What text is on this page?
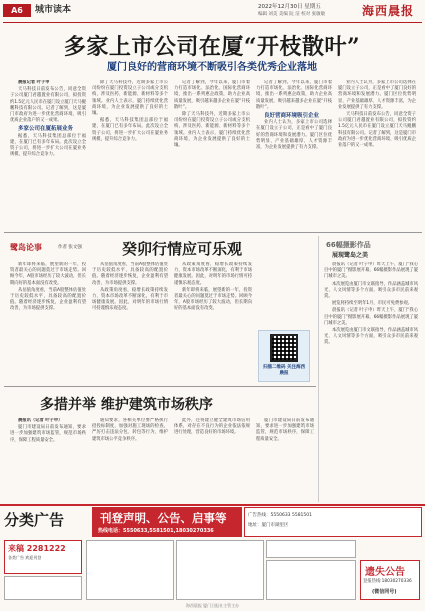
A6	城市读本	2022年12月30日 星期五
编辑 刘美 美编 阮 洁 校对 张敏敏	海西晨报
多家上市公司在厦“开枝散叶”
厦门良好的营商环境不断吸引各类优秀企业落地

晨报记者 叶子申

天马科技日前发布公告，同意全资子公司厦门君越置业有限公司，拟投资约1.5亿元人民币在厦门设立厦门天马鲲鹏科技有限公司。记者了解到，这是厦门市政府为进一步优化营商环境、吸引优质企业落户的又一成果。

多家公司在厦拓展业务

据悉，天马科技集团总部位于福建，在厦门已有多年布局。此次设立全资子公司，将进一步扩大公司在厦业务规模，提升综合竞争力。

除了天马科技外，近期多家上市公司纷纷在厦门投资设立子公司或分支机构，涉及医药、新能源、新材料等多个领域。业内人士表示，厦门持续优化营商环境，为企业发展提供了良好的土壤。

据悉，天马科技集团总部位于福建，在厦门已有多年布局。此次设立全资子公司，将进一步扩大公司在厦业务规模，提升综合竞争力。

记者了解到，今年以来，厦门市着力打造市场化、法治化、国际化营商环境，推出一系列惠企政策，助力企业高质量发展，吸引越来越多企业在厦“开枝散叶”。

除了天马科技外，近期多家上市公司纷纷在厦门投资设立子公司或分支机构，涉及医药、新能源、新材料等多个领域。业内人士表示，厦门持续优化营商环境，为企业发展提供了良好的土壤。

记者了解到，今年以来，厦门市着力打造市场化、法治化、国际化营商环境，推出一系列惠企政策，助力企业高质量发展，吸引越来越多企业在厦“开枝散叶”。

良好营商环境吸引企业

业内人士认为，多家上市公司选择在厦门设立子公司，正是看中了厦门良好的营商环境和发展潜力。厦门区位优势明显、产业基础雄厚、人才资源丰富，为企业发展提供了有力支撑。

业内人士认为，多家上市公司选择在厦门设立子公司，正是看中了厦门良好的营商环境和发展潜力。厦门区位优势明显、产业基础雄厚、人才资源丰富，为企业发展提供了有力支撑。

天马科技日前发布公告，同意全资子公司厦门君越置业有限公司，拟投资约1.5亿元人民币在厦门设立厦门天马鲲鹏科技有限公司。记者了解到，这是厦门市政府为进一步优化营商环境、吸引优质企业落户的又一成果。

鹭岛论事	作者 张文强	癸卯行情应可乐观

新年即将来临，展望新的一年，投资者最关心的问题莫过于市场走势。回顾今年，A股市场经历了较大波动，但长期向好的基本面没有改变。

从估值角度看，当前A股整体估值处于历史较低水平，具备较高的配置价值。随着经济逐步恢复，企业盈利有望改善，为市场提供支撑。

从估值角度看，当前A股整体估值处于历史较低水平，具备较高的配置价值。随着经济逐步恢复，企业盈利有望改善，为市场提供支撑。

从政策角度看，稳增长政策持续发力，资本市场改革不断深化，有利于市场健康发展。因此，对明年的市场行情可持谨慎乐观态度。

从政策角度看，稳增长政策持续发力，资本市场改革不断深化，有利于市场健康发展。因此，对明年的市场行情可持谨慎乐观态度。

新年即将来临，展望新的一年，投资者最关心的问题莫过于市场走势。回顾今年，A股市场经历了较大波动，但长期向好的基本面没有改变。

扫描二维码 关注海西晨报
66幅摄影作品
展现鹭岛之美

晨报讯（记者 叶子申）昨天上午，厦门“我心目中的厦门”摄影展开幕，66幅摄影作品展现了厦门城市之美。

本次展览由厦门市文联指导，作品涵盖城市风光、人文风情等多个方面，吸引众多市民前来观赏。

展览将持续至明年1月，市民可免费参观。

晨报讯（记者 叶子申）昨天上午，厦门“我心目中的厦门”摄影展开幕，66幅摄影作品展现了厦门城市之美。

本次展览由厦门市文联指导，作品涵盖城市风光、人文风情等多个方面，吸引众多市民前来观赏。

多措并举 维护建筑市场秩序

晨报讯（记者 叶子申）

厦门市建设局日前发布通知，要求进一步加强建筑市场监管，规范市场秩序，保障工程质量安全。

通知要求，各相关单位要严格执行招投标制度，加强对施工现场的检查，严厉打击违法分包、转包等行为，维护建筑市场公平竞争秩序。

此外，还将建立健全建筑市场信用体系，对存在不良行为的企业依法依规进行处理，营造良好的市场环境。

厦门市建设局日前发布通知，要求进一步加强建筑市场监管，规范市场秩序，保障工程质量安全。

分类广告	刊登声明、公告、启事等
热线电话：5550633,5581501,18030270336

广告热线：5550633 5581501

地址：厦门市湖里区

来稿 2281222
各类广告 欢迎刊登
遗失公告
登报热线:18030270336
(微信同号)
海西晨报 厦门日报社主管主办
